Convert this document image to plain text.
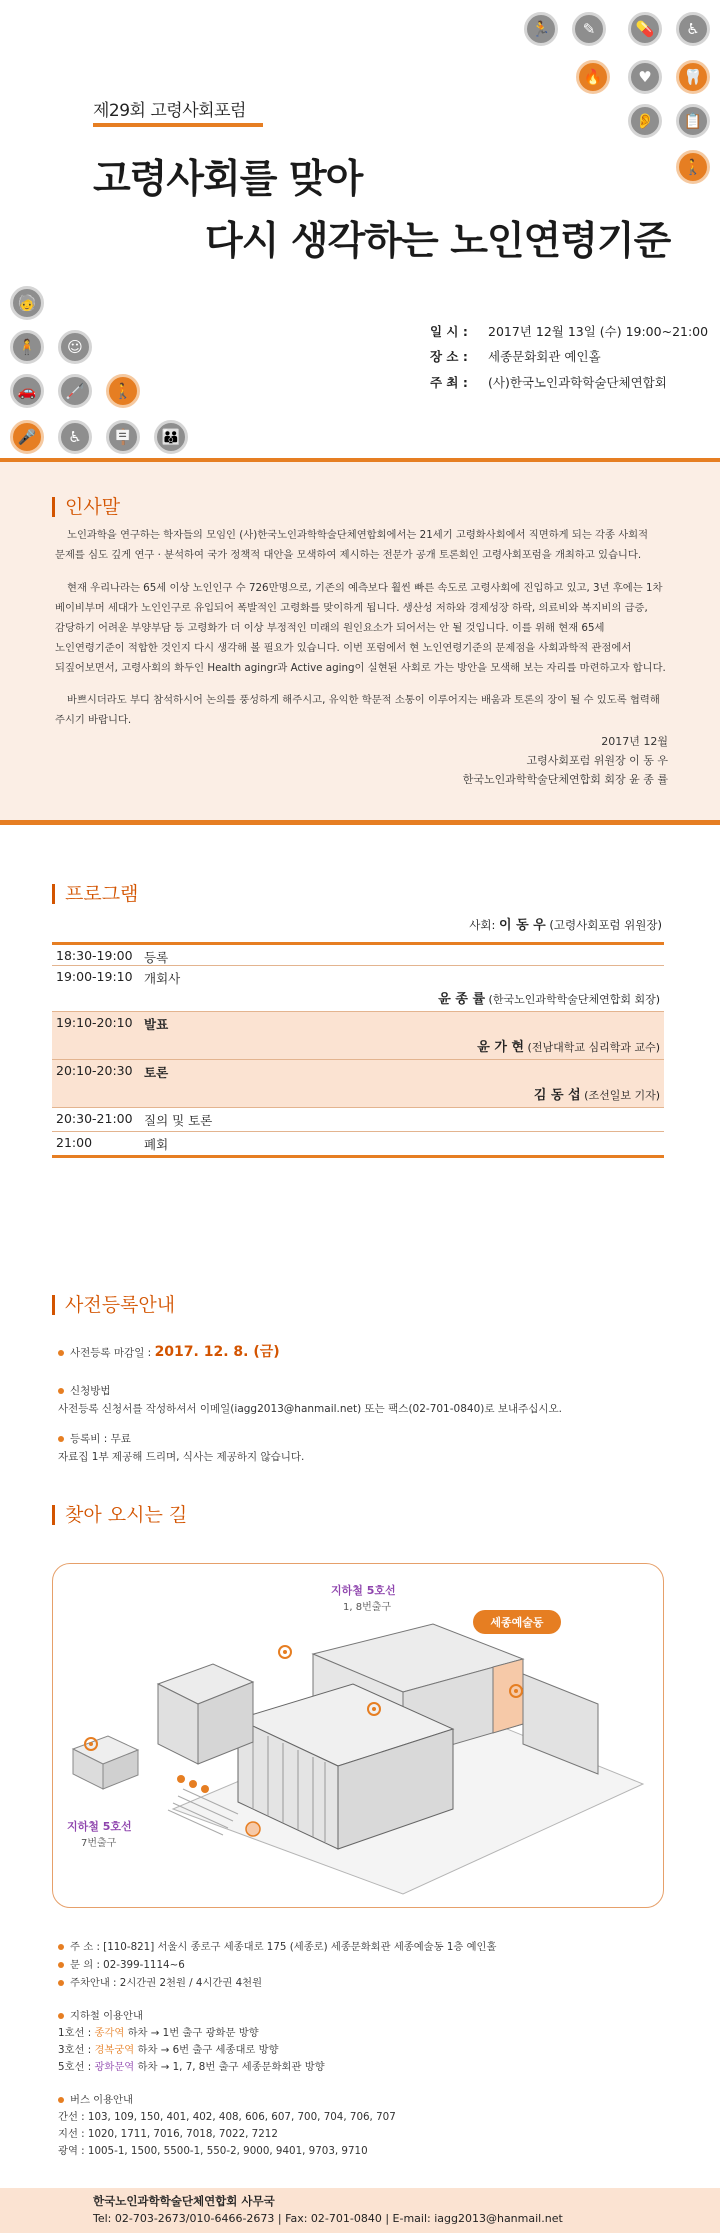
제29회 고령사회포럼
고령사회를 맞아
다시 생각하는 노인연령기준
일 시 : 2017년 12월 13일 (수) 19:00~21:00
장 소 : 세종문화회관 예인홀
주 최 : (사)한국노인과학학술단체연합회
🏃	✎	💊	♿
🔥	♥	🦷
👂	📋
🚶
🧓
🧍	☺
🚗	🦯	🚶
🎤	♿	🪧	👪
인사말
노인과학을 연구하는 학자들의 모임인 (사)한국노인과학학술단체연합회에서는 21세기 고령화사회에서 직면하게 되는 각종 사회적
문제를 심도 깊게 연구 · 분석하여 국가 정책적 대안을 모색하여 제시하는 전문가 공개 토론회인 고령사회포럼을 개최하고 있습니다.
현재 우리나라는 65세 이상 노인인구 수 726만명으로, 기존의 예측보다 훨씬 빠른 속도로 고령사회에 진입하고 있고, 3년 후에는 1차
베이비부머 세대가 노인인구로 유입되어 폭발적인 고령화를 맞이하게 됩니다. 생산성 저하와 경제성장 하락, 의료비와 복지비의 급증,
감당하기 어려운 부양부담 등 고령화가 더 이상 부정적인 미래의 원인요소가 되어서는 안 될 것입니다. 이를 위해 현재 65세
노인연령기준이 적합한 것인지 다시 생각해 볼 필요가 있습니다. 이번 포럼에서 현 노인연령기준의 문제점을 사회과학적 관점에서
되짚어보면서, 고령사회의 화두인 Health agingr과 Active aging이 실현된 사회로 가는 방안을 모색해 보는 자리를 마련하고자 합니다.
바쁘시더라도 부디 참석하시어 논의를 풍성하게 해주시고, 유익한 학문적 소통이 이루어지는 배움과 토론의 장이 될 수 있도록 협력해
주시기 바랍니다.
2017년 12월
고령사회포럼 위원장 이 동 우
한국노인과학학술단체연합회 회장 윤 종 률
프로그램
사회: 이 동 우 (고령사회포럼 위원장)
18:30-19:00 등록
19:00-19:10 개회사
윤 종 률 (한국노인과학학술단체연합회 회장)
19:10-20:10 발표
윤 가 현 (전남대학교 심리학과 교수)
20:10-20:30 토론
김 동 섭 (조선일보 기자)
20:30-21:00 질의 및 토론
21:00	폐회
사전등록안내
사전등록 마감일 : 2017. 12. 8. (금)
신청방법
사전등록 신청서를 작성하셔서 이메일(iagg2013@hanmail.net) 또는 팩스(02-701-0840)로 보내주십시오.
등록비 : 무료
자료집 1부 제공해 드리며, 식사는 제공하지 않습니다.
찾아 오시는 길
지하철 5호선
1, 8번출구
세종예술동
지하철 5호선
7번출구
주 소 : [110-821] 서울시 종로구 세종대로 175 (세종로) 세종문화회관 세종예술동 1층 예인홀
문 의 : 02-399-1114~6
주차안내 : 2시간권 2천원 / 4시간권 4천원
지하철 이용안내
1호선 : 종각역 하차 → 1번 출구 광화문 방향
3호선 : 경복궁역 하차 → 6번 출구 세종대로 방향
5호선 : 광화문역 하차 → 1, 7, 8번 출구 세종문화회관 방향
버스 이용안내
간선 : 103, 109, 150, 401, 402, 408, 606, 607, 700, 704, 706, 707
지선 : 1020, 1711, 7016, 7018, 7022, 7212
광역 : 1005-1, 1500, 5500-1, 550-2, 9000, 9401, 9703, 9710
한국노인과학학술단체연합회 사무국
Tel: 02-703-2673/010-6466-2673 | Fax: 02-701-0840 | E-mail: iagg2013@hanmail.net
